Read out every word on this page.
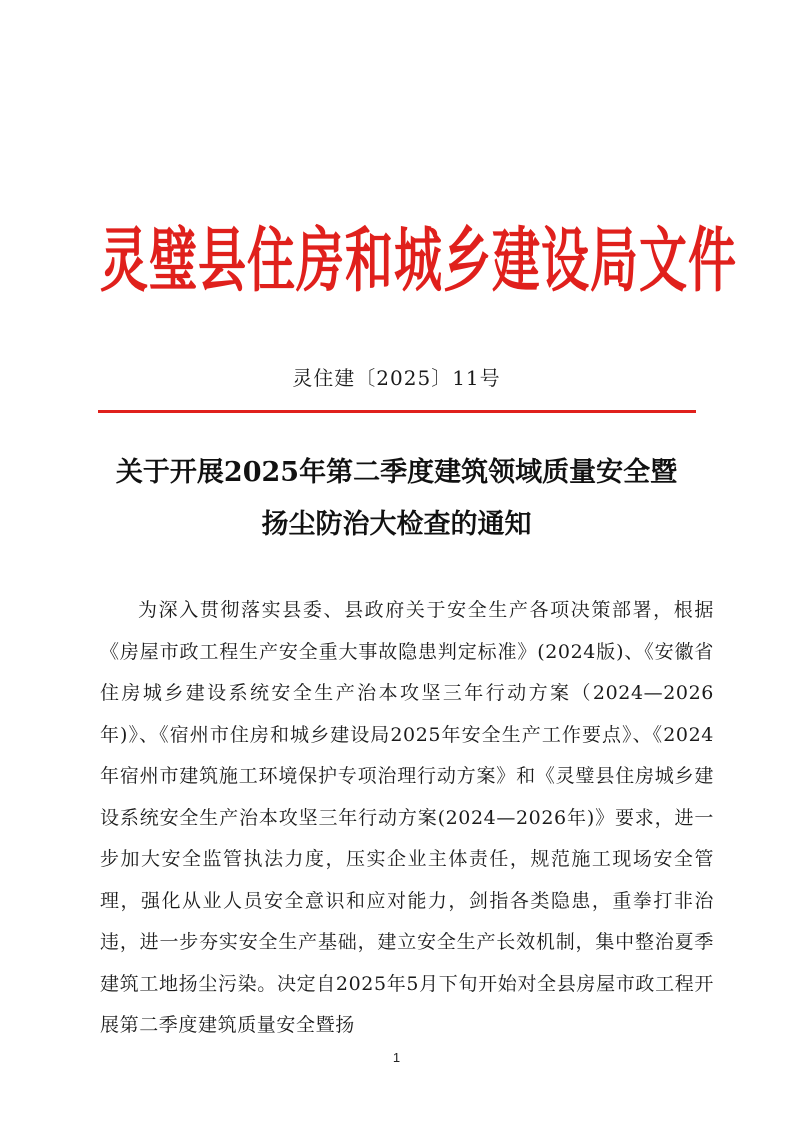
灵璧县住房和城乡建设局文件
灵住建〔2025〕11号
关于开展2025年第二季度建筑领域质量安全暨
扬尘防治大检查的通知
为深入贯彻落实县委、县政府关于安全生产各项决策部署，根据《房屋市政工程生产安全重大事故隐患判定标准》(2024版)、《安徽省住房城乡建设系统安全生产治本攻坚三年行动方案（2024—2026年)》、《宿州市住房和城乡建设局2025年安全生产工作要点》、《2024年宿州市建筑施工环境保护专项治理行动方案》和《灵璧县住房城乡建设系统安全生产治本攻坚三年行动方案(2024—2026年)》要求，进一步加大安全监管执法力度，压实企业主体责任，规范施工现场安全管理，强化从业人员安全意识和应对能力，剑指各类隐患，重拳打非治违，进一步夯实安全生产基础，建立安全生产长效机制，集中整治夏季建筑工地扬尘污染。决定自2025年5月下旬开始对全县房屋市政工程开展第二季度建筑质量安全暨扬
1
